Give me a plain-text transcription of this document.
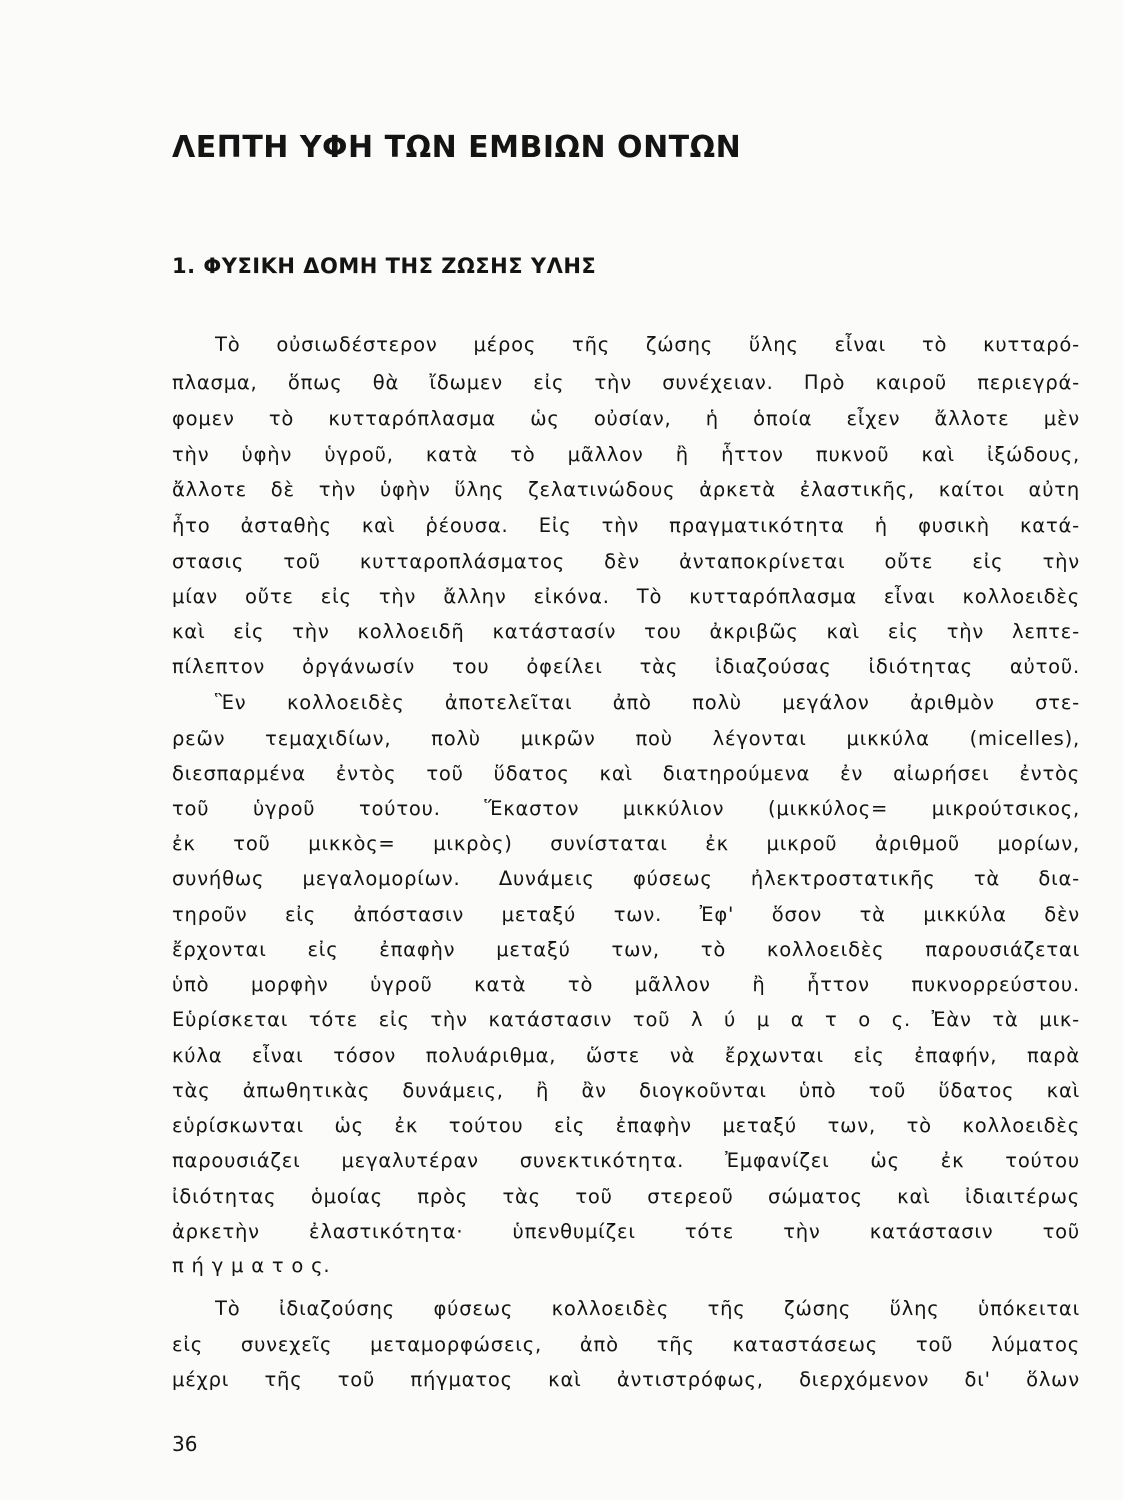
ΛΕΠΤΗ ΥΦΗ ΤΩΝ ΕΜΒΙΩΝ ΟΝΤΩΝ
1. ΦΥΣΙΚΗ ΔΟΜΗ ΤΗΣ ΖΩΣΗΣ ΥΛΗΣ
Τὸ οὐσιωδέστερον μέρος τῆς ζώσης ὕλης εἶναι τὸ κυτταρό-
πλασμα, ὅπως θὰ ἴδωμεν εἰς τὴν συνέχειαν. Πρὸ καιροῦ περιεγρά-
φομεν τὸ κυτταρόπλασμα ὡς οὐσίαν, ἡ ὁποία εἶχεν ἄλλοτε μὲν
τὴν ὑφὴν ὑγροῦ, κατὰ τὸ μᾶλλον ἢ ἧττον πυκνοῦ καὶ ἰξώδους,
ἄλλοτε δὲ τὴν ὑφὴν ὕλης ζελατινώδους ἀρκετὰ ἐλαστικῆς, καίτοι αὐτη
ἦτο ἀσταθὴς καὶ ῥέουσα. Εἰς τὴν πραγματικότητα ἡ φυσικὴ κατά-
στασις τοῦ κυτταροπλάσματος δὲν ἀνταποκρίνεται οὔτε εἰς τὴν
μίαν οὔτε εἰς τὴν ἄλλην εἰκόνα. Τὸ κυτταρόπλασμα εἶναι κολλοειδὲς
καὶ εἰς τὴν κολλοειδῆ κατάστασίν του ἀκριβῶς καὶ εἰς τὴν λεπτε-
πίλεπτον ὀργάνωσίν του ὀφείλει τὰς ἰδιαζούσας ἰδιότητας αὐτοῦ.
Ἓν κολλοειδὲς ἀποτελεῖται ἀπὸ πολὺ μεγάλον ἀριθμὸν στε-
ρεῶν τεμαχιδίων, πολὺ μικρῶν ποὺ λέγονται μικκύλα (micelles),
διεσπαρμένα ἐντὸς τοῦ ὕδατος καὶ διατηρούμενα ἐν αἰωρήσει ἐντὸς
τοῦ ὑγροῦ τούτου. Ἕκαστον μικκύλιον (μικκύλος= μικρούτσικος,
ἐκ τοῦ μικκὸς= μικρὸς) συνίσταται ἐκ μικροῦ ἀριθμοῦ μορίων,
συνήθως μεγαλομορίων. Δυνάμεις φύσεως ἠλεκτροστατικῆς τὰ δια-
τηροῦν εἰς ἀπόστασιν μεταξύ των. Ἐφ' ὅσον τὰ μικκύλα δὲν
ἔρχονται εἰς ἐπαφὴν μεταξύ των, τὸ κολλοειδὲς παρουσιάζεται
ὑπὸ μορφὴν ὑγροῦ κατὰ τὸ μᾶλλον ἢ ἧττον πυκνορρεύστου.
Εὑρίσκεται τότε εἰς τὴν κατάστασιν τοῦ λ ύ μ α τ ο ς. Ἐὰν τὰ μικ-
κύλα εἶναι τόσον πολυάριθμα, ὥστε νὰ ἔρχωνται εἰς ἐπαφήν, παρὰ
τὰς ἀπωθητικὰς δυνάμεις, ἢ ἂν διογκοῦνται ὑπὸ τοῦ ὕδατος καὶ
εὑρίσκωνται ὡς ἐκ τούτου εἰς ἐπαφὴν μεταξύ των, τὸ κολλοειδὲς
παρουσιάζει μεγαλυτέραν συνεκτικότητα. Ἐμφανίζει ὡς ἐκ τούτου
ἰδιότητας ὁμοίας πρὸς τὰς τοῦ στερεοῦ σώματος καὶ ἰδιαιτέρως
ἀρκετὴν ἐλαστικότητα· ὑπενθυμίζει τότε τὴν κατάστασιν τοῦ
π ή γ μ α τ ο ς.
Τὸ ἰδιαζούσης φύσεως κολλοειδὲς τῆς ζώσης ὕλης ὑπόκειται
εἰς συνεχεῖς μεταμορφώσεις, ἀπὸ τῆς καταστάσεως τοῦ λύματος
μέχρι τῆς τοῦ πήγματος καὶ ἀντιστρόφως, διερχόμενον δι' ὅλων
36
